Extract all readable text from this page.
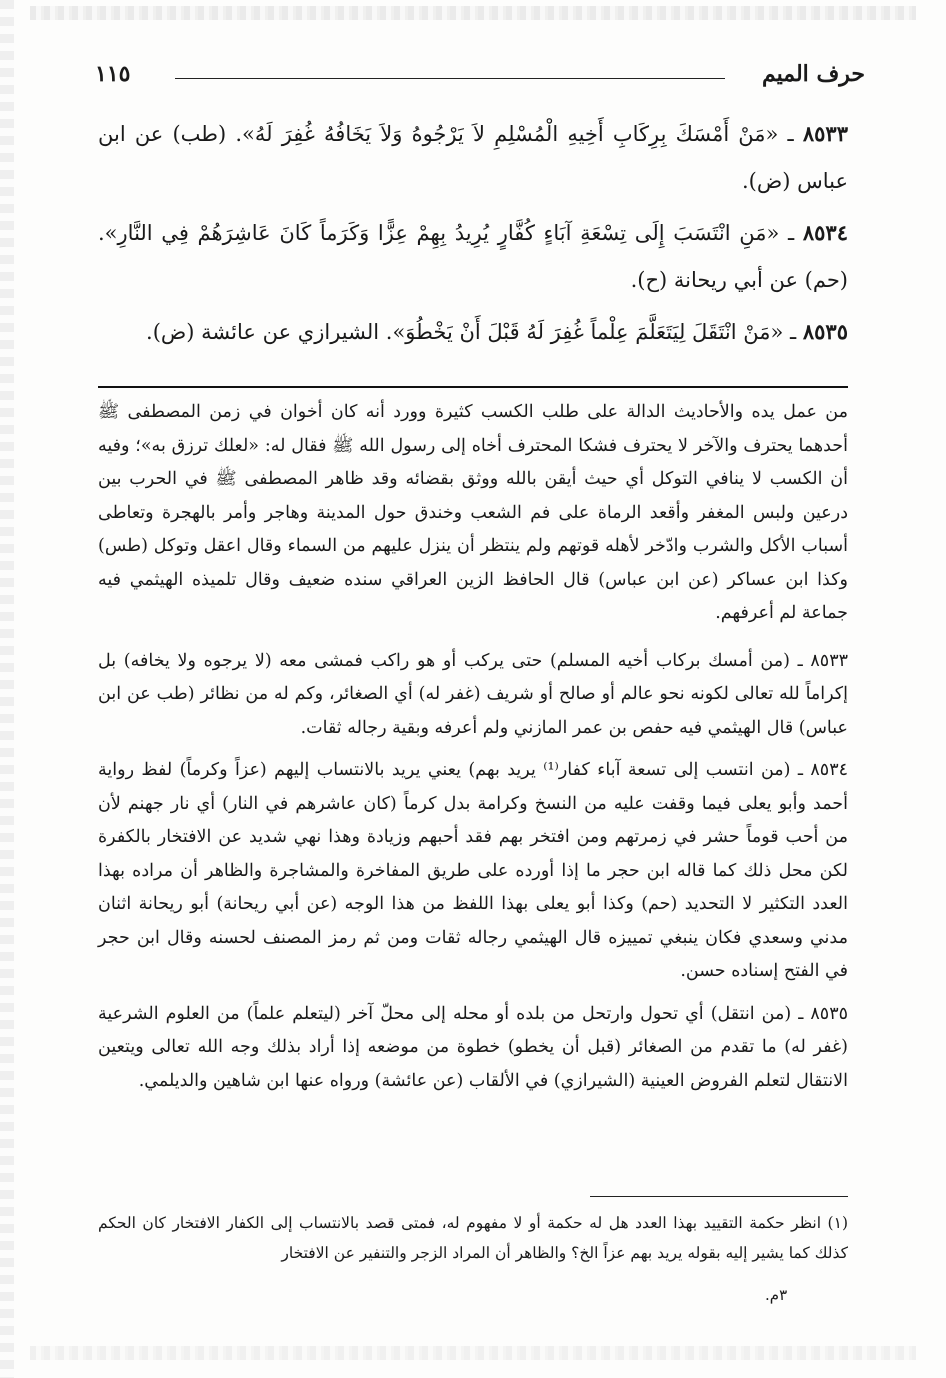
حرف الميم
١١٥

٨٥٣٣ ـ «مَنْ أَمْسَكَ بِرِكَابِ أَخِيهِ الْمُسْلِمِ لاَ يَرْجُوهُ وَلاَ يَخَافُهُ غُفِرَ لَهُ». (طب) عن ابن عباس (ض).

٨٥٣٤ ـ «مَنِ انْتَسَبَ إِلَى تِسْعَةِ آبَاءٍ كُفَّارٍ يُرِيدُ بِهِمْ عِزًّا وَكَرَماً كَانَ عَاشِرَهُمْ فِي النَّارِ». (حم) عن أبي ريحانة (ح).

٨٥٣٥ ـ «مَنْ انْتَقَلَ لِيَتَعَلَّمَ عِلْماً غُفِرَ لَهُ قَبْلَ أَنْ يَخْطُوَ». الشيرازي عن عائشة (ض).

من عمل يده والأحاديث الدالة على طلب الكسب كثيرة وورد أنه كان أخوان في زمن المصطفى ﷺ أحدهما يحترف والآخر لا يحترف فشكا المحترف أخاه إلى رسول الله ﷺ فقال له: «لعلك ترزق به»؛ وفيه أن الكسب لا ينافي التوكل أي حيث أيقن بالله ووثق بقضائه وقد ظاهر المصطفى ﷺ في الحرب بين درعين ولبس المغفر وأقعد الرماة على فم الشعب وخندق حول المدينة وهاجر وأمر بالهجرة وتعاطى أسباب الأكل والشرب وادّخر لأهله قوتهم ولم ينتظر أن ينزل عليهم من السماء وقال اعقل وتوكل (طس) وكذا ابن عساكر (عن ابن عباس) قال الحافظ الزين العراقي سنده ضعيف وقال تلميذه الهيثمي فيه جماعة لم أعرفهم.

٨٥٣٣ ـ (من أمسك بركاب أخيه المسلم) حتى يركب أو هو راكب فمشى معه (لا يرجوه ولا يخافه) بل إكراماً لله تعالى لكونه نحو عالم أو صالح أو شريف (غفر له) أي الصغائر، وكم له من نظائر (طب عن ابن عباس) قال الهيثمي فيه حفص بن عمر المازني ولم أعرفه وبقية رجاله ثقات.

٨٥٣٤ ـ (من انتسب إلى تسعة آباء كفار⁽¹⁾ يريد بهم) يعني يريد بالانتساب إليهم (عزاً وكرماً) لفظ رواية أحمد وأبو يعلى فيما وقفت عليه من النسخ وكرامة بدل كرماً (كان عاشرهم في النار) أي نار جهنم لأن من أحب قوماً حشر في زمرتهم ومن افتخر بهم فقد أحبهم وزيادة وهذا نهي شديد عن الافتخار بالكفرة لكن محل ذلك كما قاله ابن حجر ما إذا أورده على طريق المفاخرة والمشاجرة والظاهر أن مراده بهذا العدد التكثير لا التحديد (حم) وكذا أبو يعلى بهذا اللفظ من هذا الوجه (عن أبي ريحانة) أبو ريحانة اثنان مدني وسعدي فكان ينبغي تمييزه قال الهيثمي رجاله ثقات ومن ثم رمز المصنف لحسنه وقال ابن حجر في الفتح إسناده حسن.

٨٥٣٥ ـ (من انتقل) أي تحول وارتحل من بلده أو محله إلى محلّ آخر (ليتعلم علماً) من العلوم الشرعية (غفر له) ما تقدم من الصغائر (قبل أن يخطو) خطوة من موضعه إذا أراد بذلك وجه الله تعالى ويتعين الانتقال لتعلم الفروض العينية (الشيرازي) في الألقاب (عن عائشة) ورواه عنها ابن شاهين والديلمي.

(١) انظر حكمة التقييد بهذا العدد هل له حكمة أو لا مفهوم له، فمتى قصد بالانتساب إلى الكفار الافتخار كان الحكم كذلك كما يشير إليه بقوله يريد بهم عزاً الخ؟ والظاهر أن المراد الزجر والتنفير عن الافتخار
٣م.
